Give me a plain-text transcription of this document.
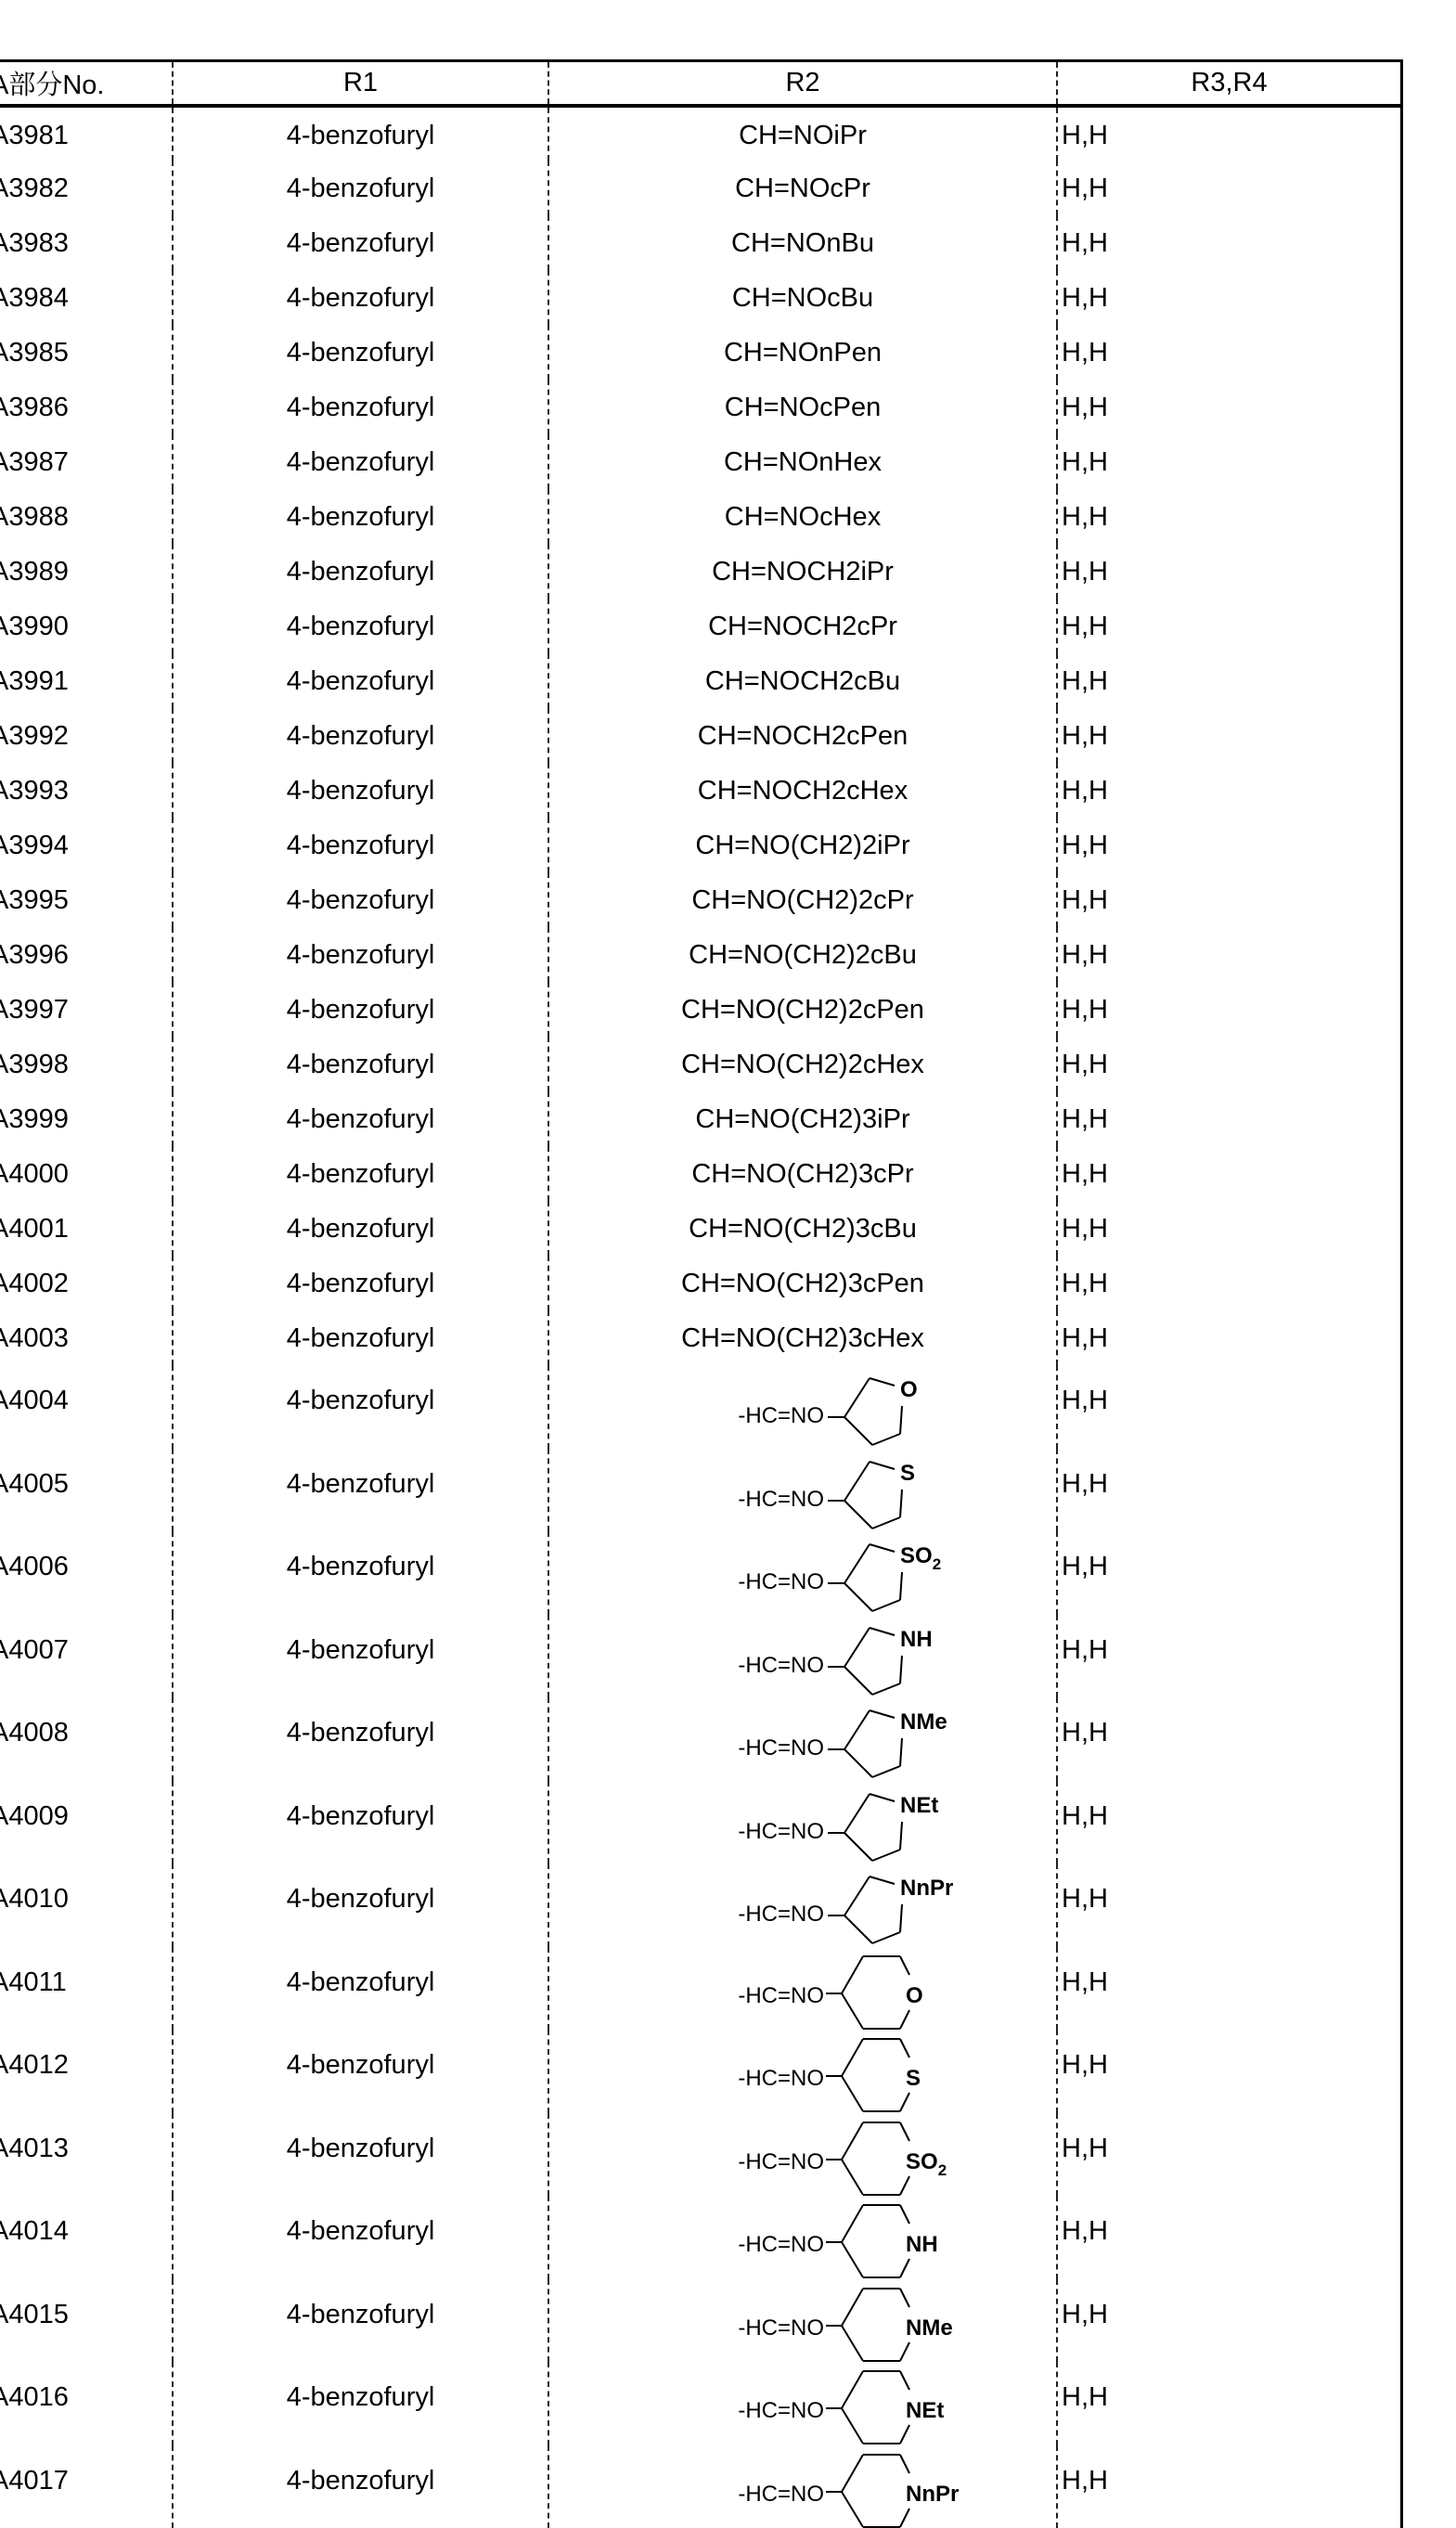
A部分No.	R1	R2	R3,R4
3981	4-benzofuryl	CH=NOiPr	H,H
3982	4-benzofuryl	CH=NOcPr	H,H
3983	4-benzofuryl	CH=NOnBu	H,H
3984	4-benzofuryl	CH=NOcBu	H,H
3985	4-benzofuryl	CH=NOnPen	H,H
3986	4-benzofuryl	CH=NOcPen	H,H
3987	4-benzofuryl	CH=NOnHex	H,H
3988	4-benzofuryl	CH=NOcHex	H,H
3989	4-benzofuryl	CH=NOCH2iPr	H,H
3990	4-benzofuryl	CH=NOCH2cPr	H,H
3991	4-benzofuryl	CH=NOCH2cBu	H,H
3992	4-benzofuryl	CH=NOCH2cPen	H,H
3993	4-benzofuryl	CH=NOCH2cHex	H,H
3994	4-benzofuryl	CH=NO(CH2)2iPr	H,H
3995	4-benzofuryl	CH=NO(CH2)2cPr	H,H
3996	4-benzofuryl	CH=NO(CH2)2cBu	H,H
3997	4-benzofuryl	CH=NO(CH2)2cPen	H,H
3998	4-benzofuryl	CH=NO(CH2)2cHex	H,H
3999	4-benzofuryl	CH=NO(CH2)3iPr	H,H
4000	4-benzofuryl	CH=NO(CH2)3cPr	H,H
4001	4-benzofuryl	CH=NO(CH2)3cBu	H,H
4002	4-benzofuryl	CH=NO(CH2)3cPen	H,H
4003	4-benzofuryl	CH=NO(CH2)3cHex	H,H
4004	4-benzofuryl	
-HC=NO
O	H,H
4005	4-benzofuryl	
-HC=NO
S	H,H
4006	4-benzofuryl	
-HC=NO
SO2	H,H
4007	4-benzofuryl	
-HC=NO
NH	H,H
4008	4-benzofuryl	
-HC=NO
NMe	H,H
4009	4-benzofuryl	
-HC=NO
NEt	H,H
4010	4-benzofuryl	
-HC=NO
NnPr	H,H
4011	4-benzofuryl	-HC=NO	O	H,H
4012	4-benzofuryl	-HC=NO	S	H,H
4013	4-benzofuryl	-HC=NO	SO2
	H,H
4014	4-benzofuryl	-HC=NO	NH	H,H
4015	4-benzofuryl	-HC=NO	NMe	H,H
4016	4-benzofuryl	-HC=NO	NEt	H,H
4017	4-benzofuryl	-HC=NO	NnPr	H,H
